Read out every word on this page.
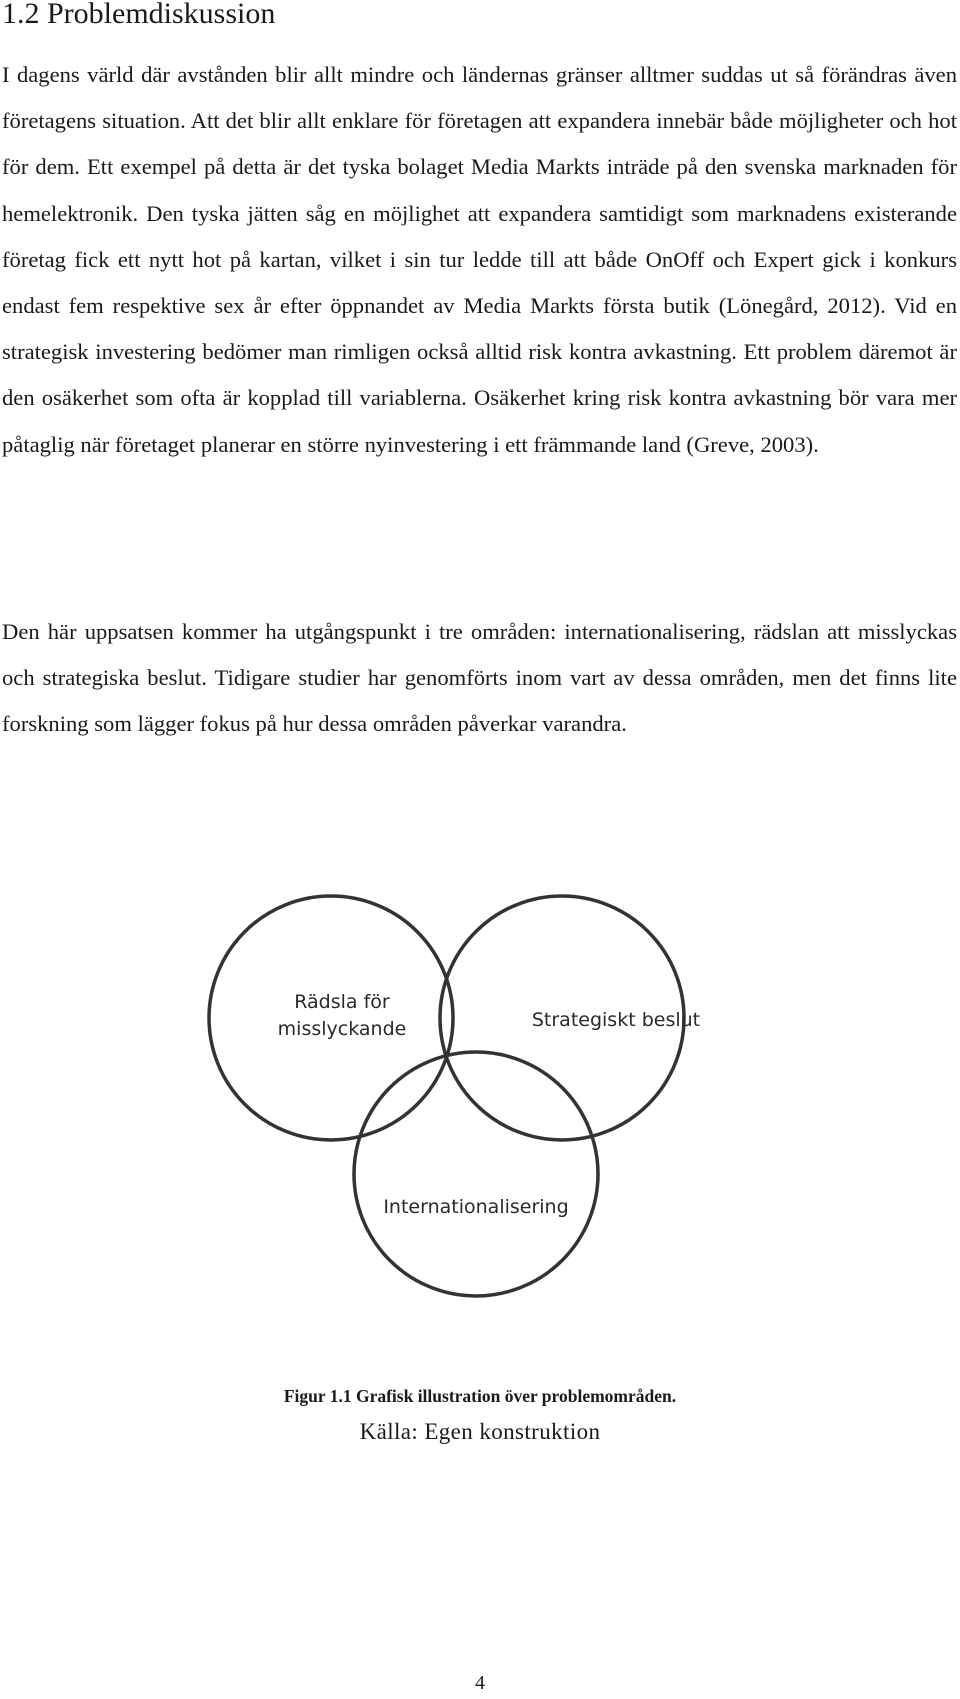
1.2 Problemdiskussion

I dagens värld där avstånden blir allt mindre och ländernas gränser alltmer suddas ut så förändras även företagens situation. Att det blir allt enklare för företagen att expandera innebär både möjligheter och hot för dem. Ett exempel på detta är det tyska bolaget Media Markts inträde på den svenska marknaden för hemelektronik. Den tyska jätten såg en möjlighet att expandera samtidigt som marknadens existerande företag fick ett nytt hot på kartan, vilket i sin tur ledde till att både OnOff och Expert gick i konkurs endast fem respektive sex år efter öppnandet av Media Markts första butik (Lönegård, 2012). Vid en strategisk investering bedömer man rimligen också alltid risk kontra avkastning. Ett problem däremot är den osäkerhet som ofta är kopplad till variablerna. Osäkerhet kring risk kontra avkastning bör vara mer påtaglig när företaget planerar en större nyinvestering i ett främmande land (Greve, 2003).

Den här uppsatsen kommer ha utgångspunkt i tre områden: internationalisering, rädslan att misslyckas och strategiska beslut. Tidigare studier har genomförts inom vart av dessa områden, men det finns lite forskning som lägger fokus på hur dessa områden påverkar varandra.

Rädsla för
misslyckande	Strategiskt beslut
Internationalisering

Figur 1.1 Grafisk illustration över problemområden.

Källa: Egen konstruktion

4
